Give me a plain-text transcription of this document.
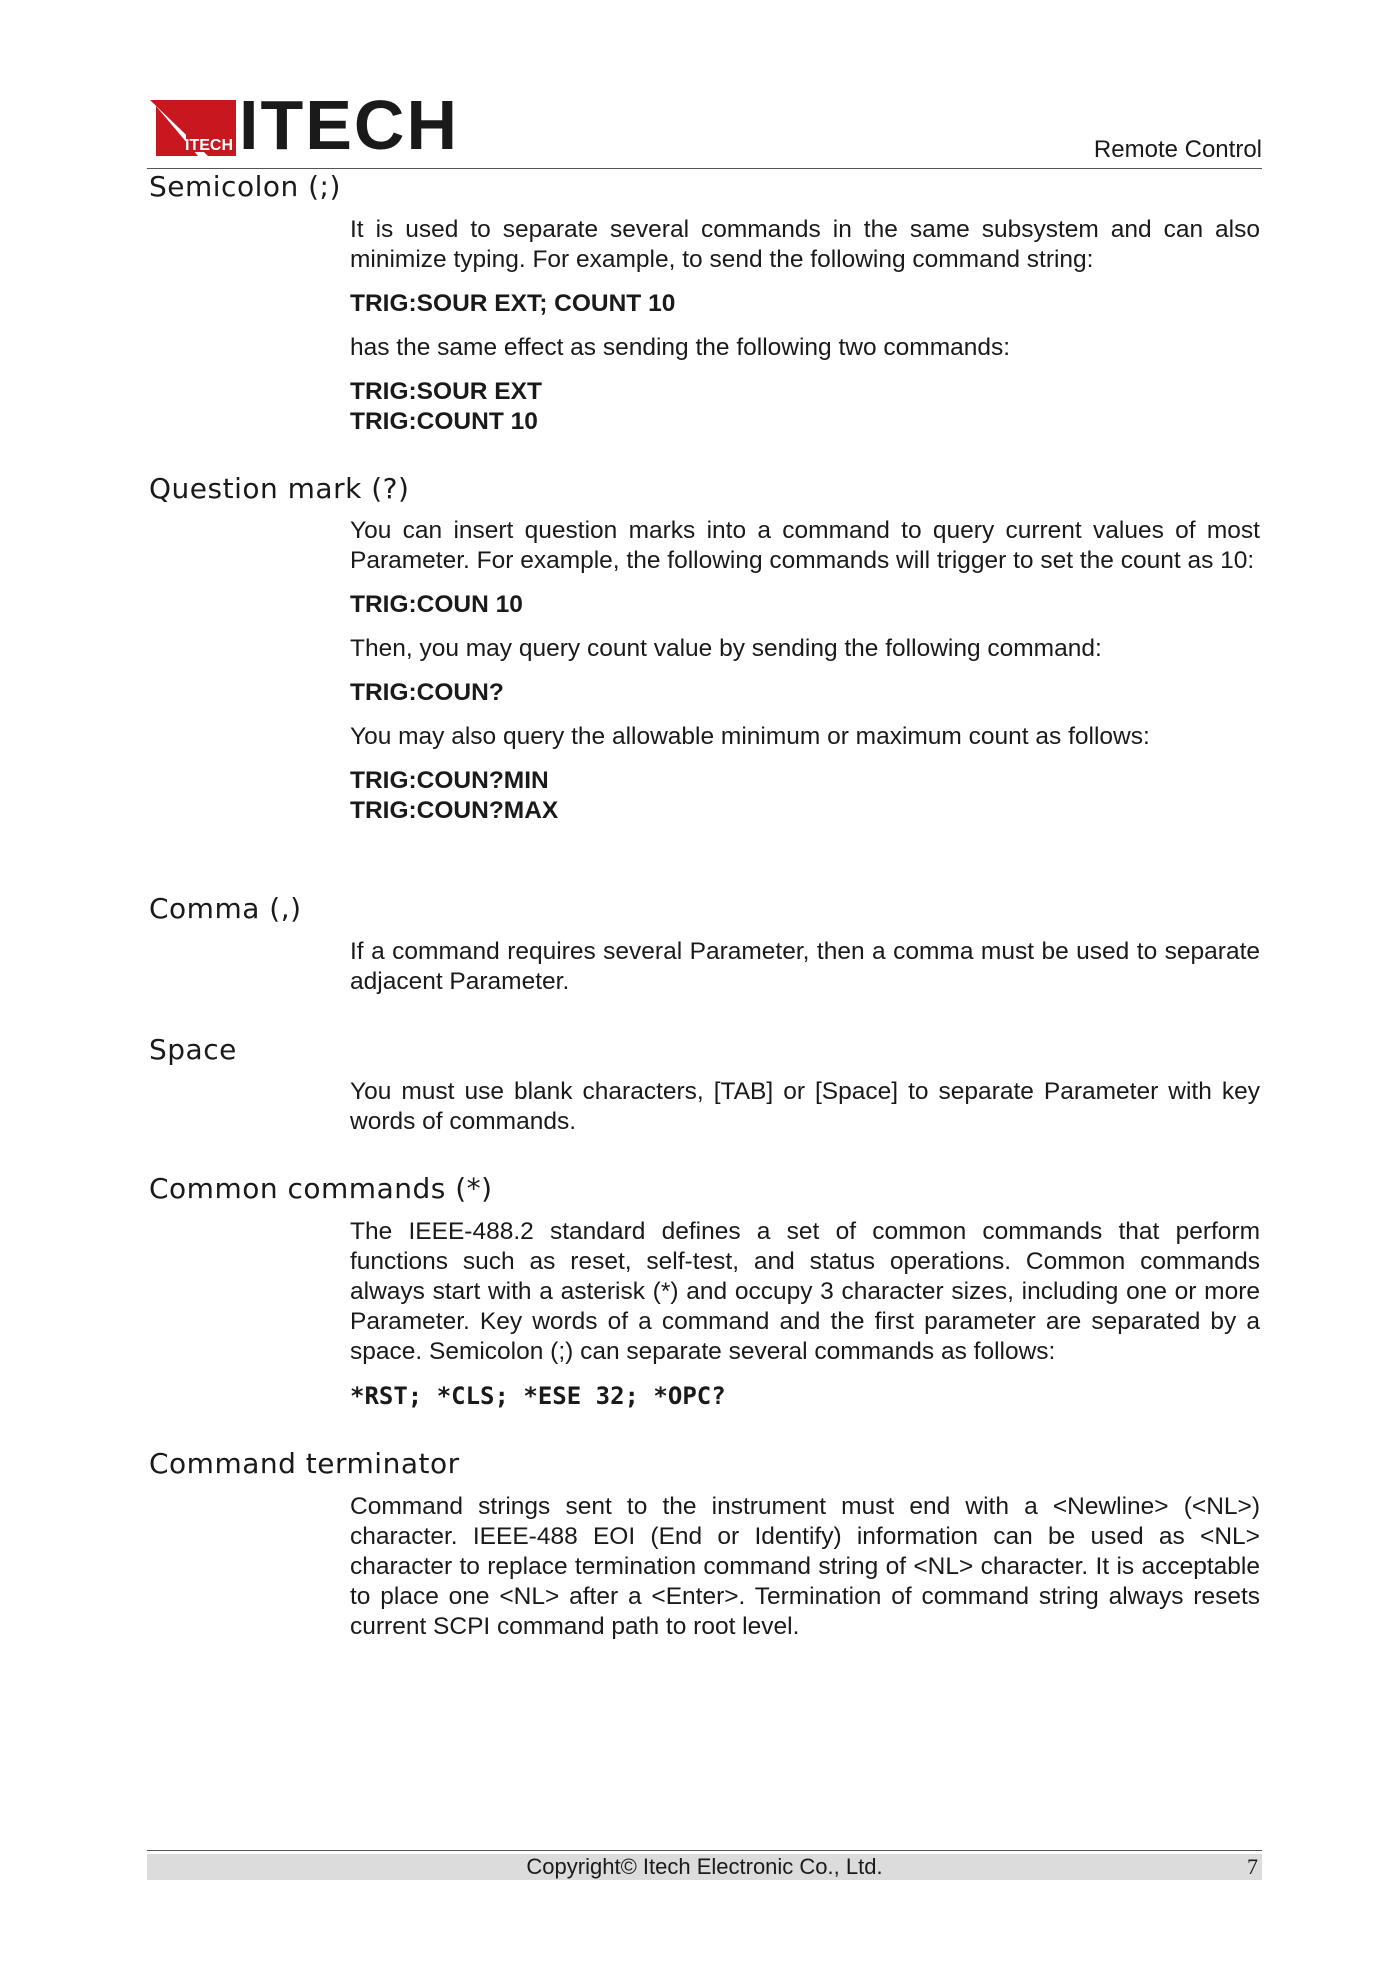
ITECH ITECH	Remote Control
Semicolon (;)

It is used to separate several commands in the same subsystem and can also minimize typing. For example, to send the following command string:

TRIG:SOUR EXT; COUNT 10

has the same effect as sending the following two commands:

TRIG:SOUR EXT

TRIG:COUNT 10

Question mark (?)

You can insert question marks into a command to query current values of most Parameter. For example, the following commands will trigger to set the count as 10:

TRIG:COUN 10

Then, you may query count value by sending the following command:

TRIG:COUN?

You may also query the allowable minimum or maximum count as follows:

TRIG:COUN?MIN

TRIG:COUN?MAX

Comma (,)

If a command requires several Parameter, then a comma must be used to separate adjacent Parameter.

Space

You must use blank characters, [TAB] or [Space] to separate Parameter with key words of commands.

Common commands (*)

The IEEE-488.2 standard defines a set of common commands that perform functions such as reset, self-test, and status operations. Common commands always start with a asterisk (*) and occupy 3 character sizes, including one or more Parameter. Key words of a command and the first parameter are separated by a space. Semicolon (;) can separate several commands as follows:

*RST; *CLS; *ESE 32; *OPC?

Command terminator

Command strings sent to the instrument must end with a <Newline> (<NL>) character. IEEE-488 EOI (End or Identify) information can be used as <NL> character to replace termination command string of <NL> character. It is acceptable to place one <NL> after a <Enter>. Termination of command string always resets current SCPI command path to root level.

Copyright© Itech Electronic Co., Ltd.	7
